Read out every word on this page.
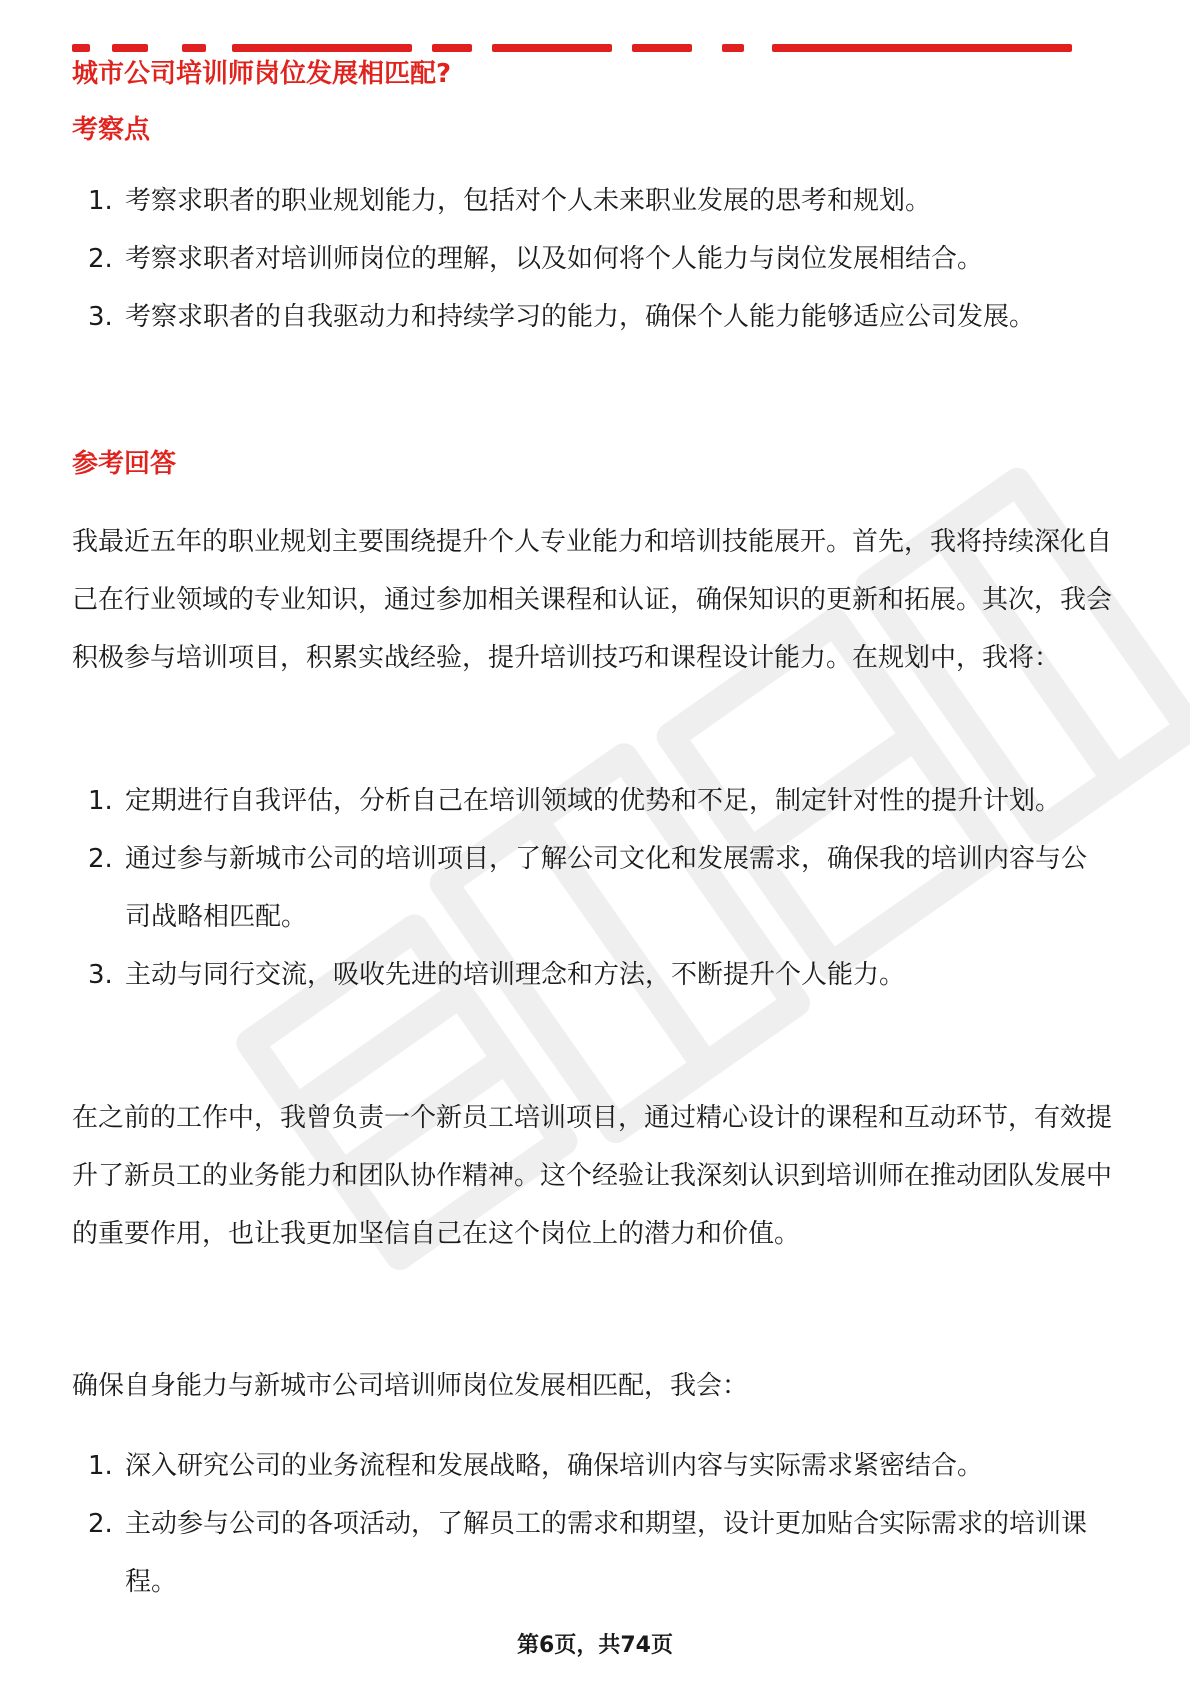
城市公司培训师岗位发展相匹配?
考察点
1. 考察求职者的职业规划能力，包括对个人未来职业发展的思考和规划。
2. 考察求职者对培训师岗位的理解，以及如何将个人能力与岗位发展相结合。
3. 考察求职者的自我驱动力和持续学习的能力，确保个人能力能够适应公司发展。
参考回答

我最近五年的职业规划主要围绕提升个人专业能力和培训技能展开。首先，我将持续深化自己在行业领域的专业知识，通过参加相关课程和认证，确保知识的更新和拓展。其次，我会积极参与培训项目，积累实战经验，提升培训技巧和课程设计能力。在规划中，我将：

1. 定期进行自我评估，分析自己在培训领域的优势和不足，制定针对性的提升计划。
2. 通过参与新城市公司的培训项目，了解公司文化和发展需求，确保我的培训内容与公司战略相匹配。
3. 主动与同行交流，吸收先进的培训理念和方法，不断提升个人能力。

在之前的工作中，我曾负责一个新员工培训项目，通过精心设计的课程和互动环节，有效提升了新员工的业务能力和团队协作精神。这个经验让我深刻认识到培训师在推动团队发展中的重要作用，也让我更加坚信自己在这个岗位上的潜力和价值。

确保自身能力与新城市公司培训师岗位发展相匹配，我会：

1. 深入研究公司的业务流程和发展战略，确保培训内容与实际需求紧密结合。
2. 主动参与公司的各项活动，了解员工的需求和期望，设计更加贴合实际需求的培训课程。
第6页，共74页
